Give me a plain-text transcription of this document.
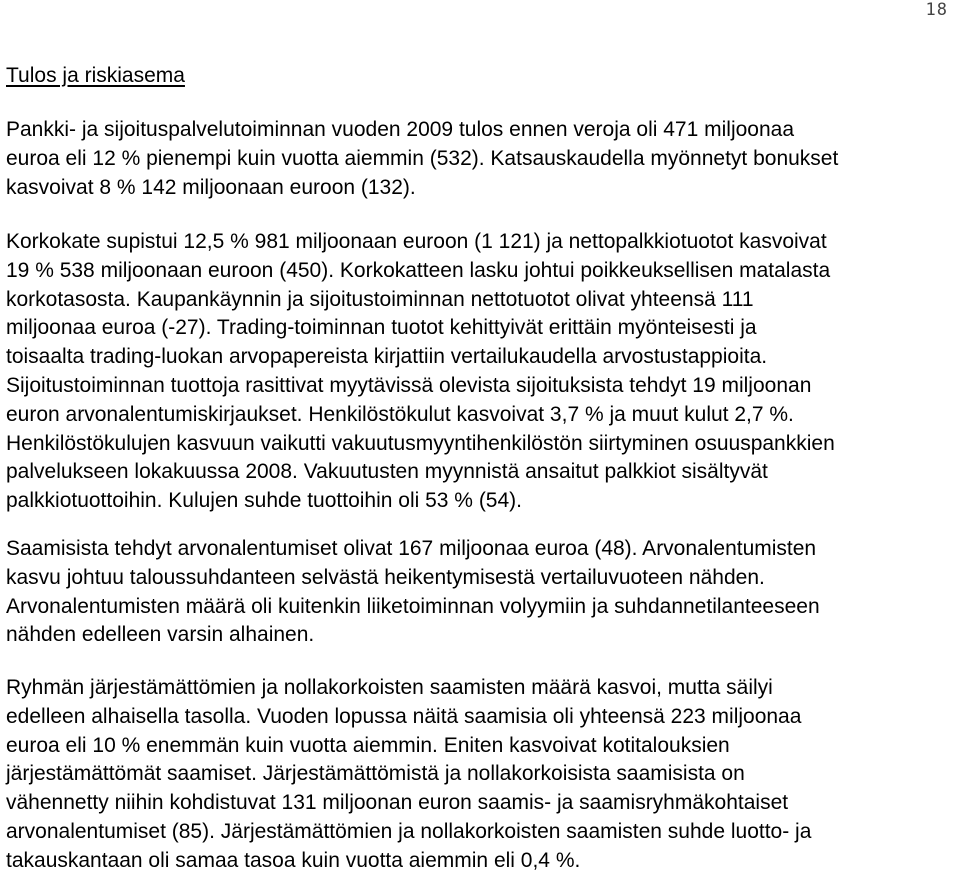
18
Tulos ja riskiasema
Pankki- ja sijoituspalvelutoiminnan vuoden 2009 tulos ennen veroja oli 471 miljoonaa
euroa eli 12 % pienempi kuin vuotta aiemmin (532). Katsauskaudella myönnetyt bonukset
kasvoivat 8 % 142 miljoonaan euroon (132).
Korkokate supistui 12,5 % 981 miljoonaan euroon (1 121) ja nettopalkkiotuotot kasvoivat
19 % 538 miljoonaan euroon (450). Korkokatteen lasku johtui poikkeuksellisen matalasta
korkotasosta. Kaupankäynnin ja sijoitustoiminnan nettotuotot olivat yhteensä 111
miljoonaa euroa (-27). Trading-toiminnan tuotot kehittyivät erittäin myönteisesti ja
toisaalta trading-luokan arvopapereista kirjattiin vertailukaudella arvostustappioita.
Sijoitustoiminnan tuottoja rasittivat myytävissä olevista sijoituksista tehdyt 19 miljoonan
euron arvonalentumiskirjaukset. Henkilöstökulut kasvoivat 3,7 % ja muut kulut 2,7 %.
Henkilöstökulujen kasvuun vaikutti vakuutusmyyntihenkilöstön siirtyminen osuuspankkien
palvelukseen lokakuussa 2008. Vakuutusten myynnistä ansaitut palkkiot sisältyvät
palkkiotuottoihin. Kulujen suhde tuottoihin oli 53 % (54).
Saamisista tehdyt arvonalentumiset olivat 167 miljoonaa euroa (48). Arvonalentumisten
kasvu johtuu taloussuhdanteen selvästä heikentymisestä vertailuvuoteen nähden.
Arvonalentumisten määrä oli kuitenkin liiketoiminnan volyymiin ja suhdannetilanteeseen
nähden edelleen varsin alhainen.
Ryhmän järjestämättömien ja nollakorkoisten saamisten määrä kasvoi, mutta säilyi
edelleen alhaisella tasolla. Vuoden lopussa näitä saamisia oli yhteensä 223 miljoonaa
euroa eli 10 % enemmän kuin vuotta aiemmin. Eniten kasvoivat kotitalouksien
järjestämättömät saamiset. Järjestämättömistä ja nollakorkoisista saamisista on
vähennetty niihin kohdistuvat 131 miljoonan euron saamis- ja saamisryhmäkohtaiset
arvonalentumiset (85). Järjestämättömien ja nollakorkoisten saamisten suhde luotto- ja
takauskantaan oli samaa tasoa kuin vuotta aiemmin eli 0,4 %.
